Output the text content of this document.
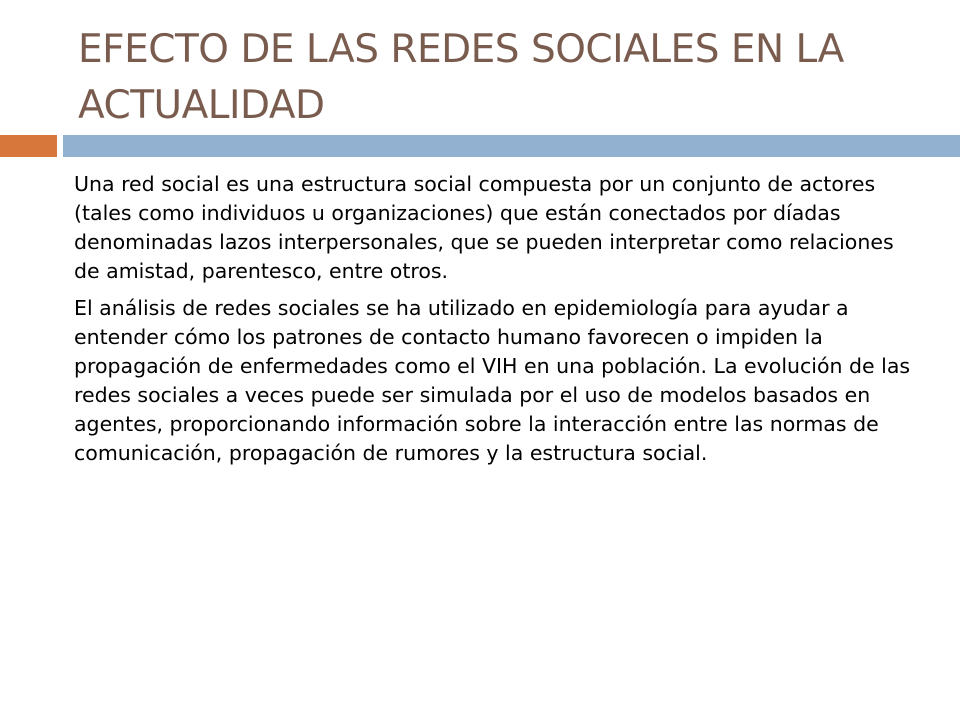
EFECTO DE LAS REDES SOCIALES EN LA ACTUALIDAD

Una red social es una estructura social compuesta por un conjunto de actores (tales como individuos u organizaciones) que están conectados por díadas denominadas lazos interpersonales, que se pueden interpretar como relaciones de amistad, parentesco, entre otros.

El análisis de redes sociales se ha utilizado en epidemiología para ayudar a entender cómo los patrones de contacto humano favorecen o impiden la propagación de enfermedades como el VIH en una población. La evolución de las redes sociales a veces puede ser simulada por el uso de modelos basados en agentes, proporcionando información sobre la interacción entre las normas de comunicación, propagación de rumores y la estructura social.
